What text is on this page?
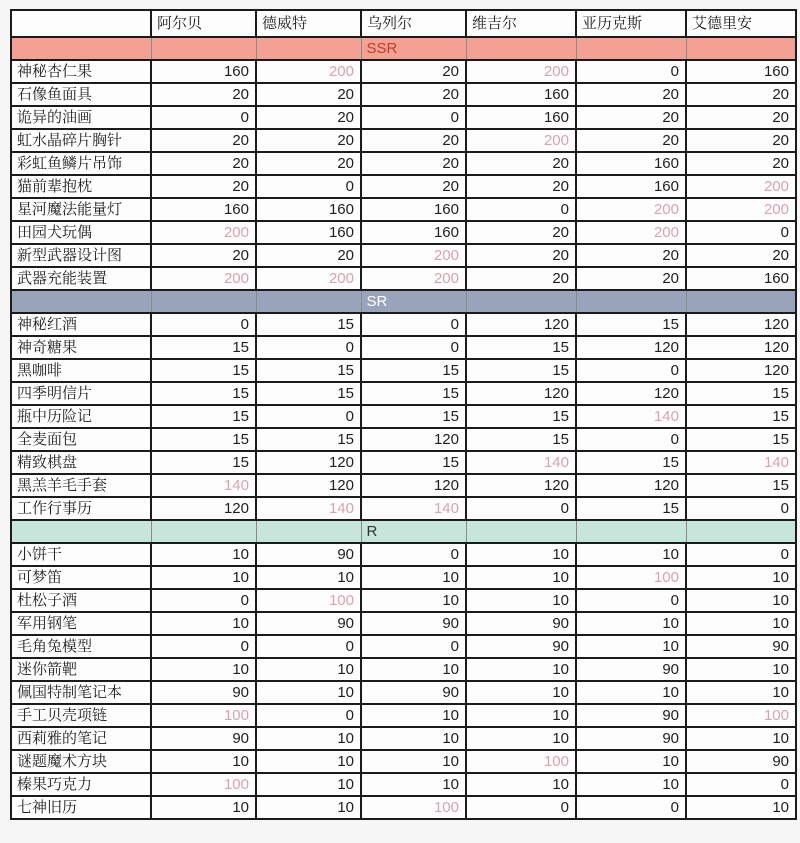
	阿尔贝	德威特	乌列尔	维吉尔	亚历克斯	艾德里安
			SSR			
神秘杏仁果	160	200	20	200	0	160
石像鱼面具	20	20	20	160	20	20
诡异的油画	0	20	0	160	20	20
虹水晶碎片胸针	20	20	20	200	20	20
彩虹鱼鳞片吊饰	20	20	20	20	160	20
猫前辈抱枕	20	0	20	20	160	200
星河魔法能量灯	160	160	160	0	200	200
田园犬玩偶	200	160	160	20	200	0
新型武器设计图	20	20	200	20	20	20
武器充能装置	200	200	200	20	20	160
			SR			
神秘红酒	0	15	0	120	15	120
神奇糖果	15	0	0	15	120	120
黑咖啡	15	15	15	15	0	120
四季明信片	15	15	15	120	120	15
瓶中历险记	15	0	15	15	140	15
全麦面包	15	15	120	15	0	15
精致棋盘	15	120	15	140	15	140
黑羔羊毛手套	140	120	120	120	120	15
工作行事历	120	140	140	0	15	0
			R			
小饼干	10	90	0	10	10	0
可梦笛	10	10	10	10	100	10
杜松子酒	0	100	10	10	0	10
军用钢笔	10	90	90	90	10	10
毛角兔模型	0	0	0	90	10	90
迷你箭靶	10	10	10	10	90	10
佩国特制笔记本	90	10	90	10	10	10
手工贝壳项链	100	0	10	10	90	100
西莉雅的笔记	90	10	10	10	90	10
谜题魔术方块	10	10	10	100	10	90
榛果巧克力	100	10	10	10	10	0
七神旧历	10	10	100	0	0	10
